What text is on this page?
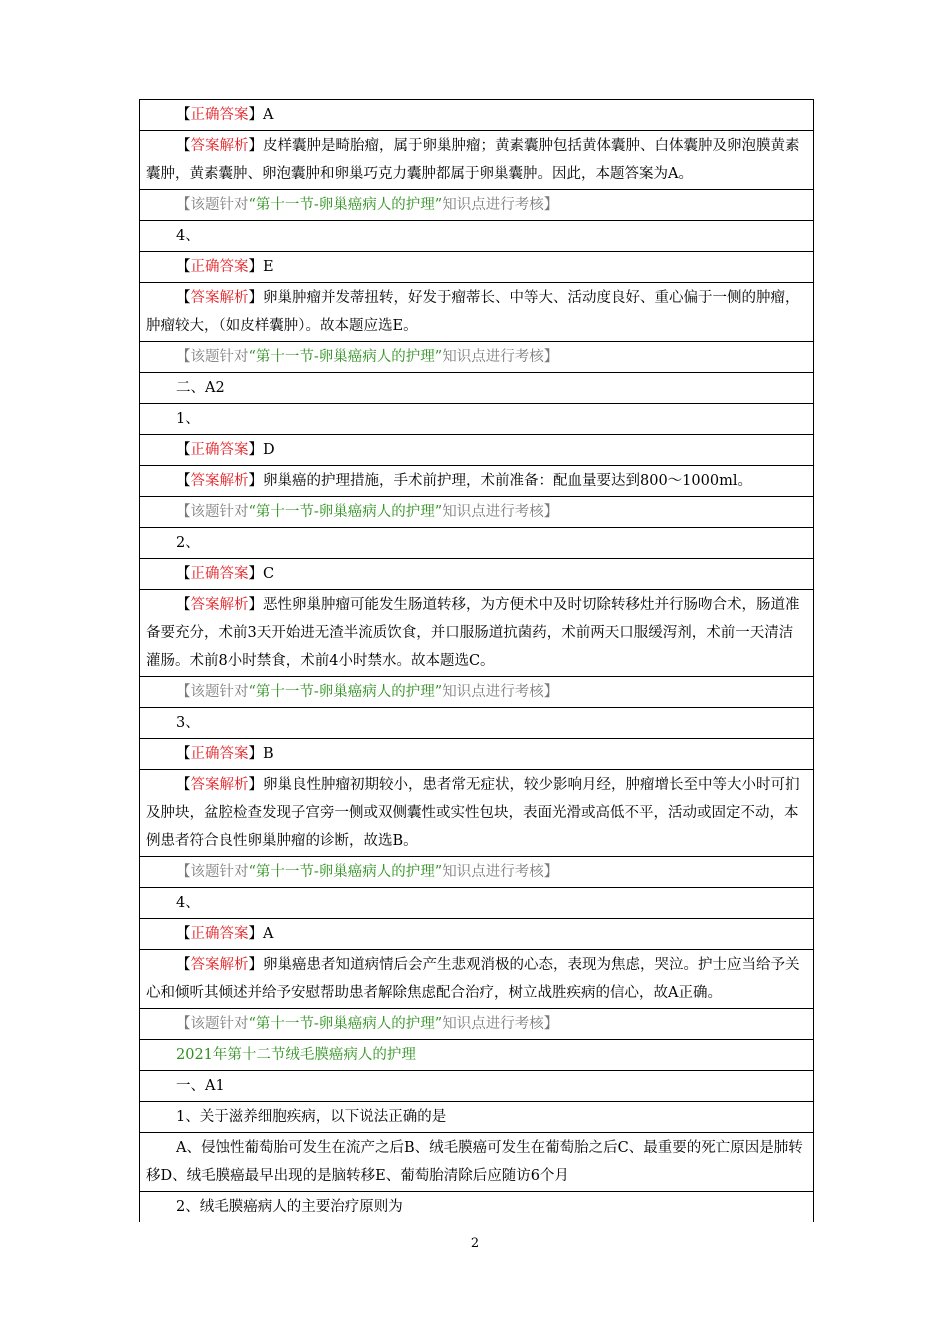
【正确答案】A
【答案解析】皮样囊肿是畸胎瘤，属于卵巢肿瘤；黄素囊肿包括黄体囊肿、白体囊肿及卵泡膜黄素囊肿，黄素囊肿、卵泡囊肿和卵巢巧克力囊肿都属于卵巢囊肿。因此，本题答案为A。
【该题针对“第十一节-卵巢癌病人的护理”知识点进行考核】
4、
【正确答案】E
【答案解析】卵巢肿瘤并发蒂扭转，好发于瘤蒂长、中等大、活动度良好、重心偏于一侧的肿瘤，肿瘤较大，（如皮样囊肿）。故本题应选E。
【该题针对“第十一节-卵巢癌病人的护理”知识点进行考核】
二、A2
1、
【正确答案】D
【答案解析】卵巢癌的护理措施，手术前护理，术前准备：配血量要达到800～1000ml。
【该题针对“第十一节-卵巢癌病人的护理”知识点进行考核】
2、
【正确答案】C
【答案解析】恶性卵巢肿瘤可能发生肠道转移，为方便术中及时切除转移灶并行肠吻合术，肠道准备要充分，术前3天开始进无渣半流质饮食，并口服肠道抗菌药，术前两天口服缓泻剂，术前一天清洁灌肠。术前8小时禁食，术前4小时禁水。故本题选C。
【该题针对“第十一节-卵巢癌病人的护理”知识点进行考核】
3、
【正确答案】B
【答案解析】卵巢良性肿瘤初期较小，患者常无症状，较少影响月经，肿瘤增长至中等大小时可扪及肿块，盆腔检查发现子宫旁一侧或双侧囊性或实性包块，表面光滑或高低不平，活动或固定不动，本例患者符合良性卵巢肿瘤的诊断，故选B。
【该题针对“第十一节-卵巢癌病人的护理”知识点进行考核】
4、
【正确答案】A
【答案解析】卵巢癌患者知道病情后会产生悲观消极的心态，表现为焦虑，哭泣。护士应当给予关心和倾听其倾述并给予安慰帮助患者解除焦虑配合治疗，树立战胜疾病的信心，故A正确。
【该题针对“第十一节-卵巢癌病人的护理”知识点进行考核】
2021年第十二节绒毛膜癌病人的护理
一、A1
1、关于滋养细胞疾病，以下说法正确的是
A、侵蚀性葡萄胎可发生在流产之后B、绒毛膜癌可发生在葡萄胎之后C、最重要的死亡原因是肺转移D、绒毛膜癌最早出现的是脑转移E、葡萄胎清除后应随访6个月
2、绒毛膜癌病人的主要治疗原则为
2
